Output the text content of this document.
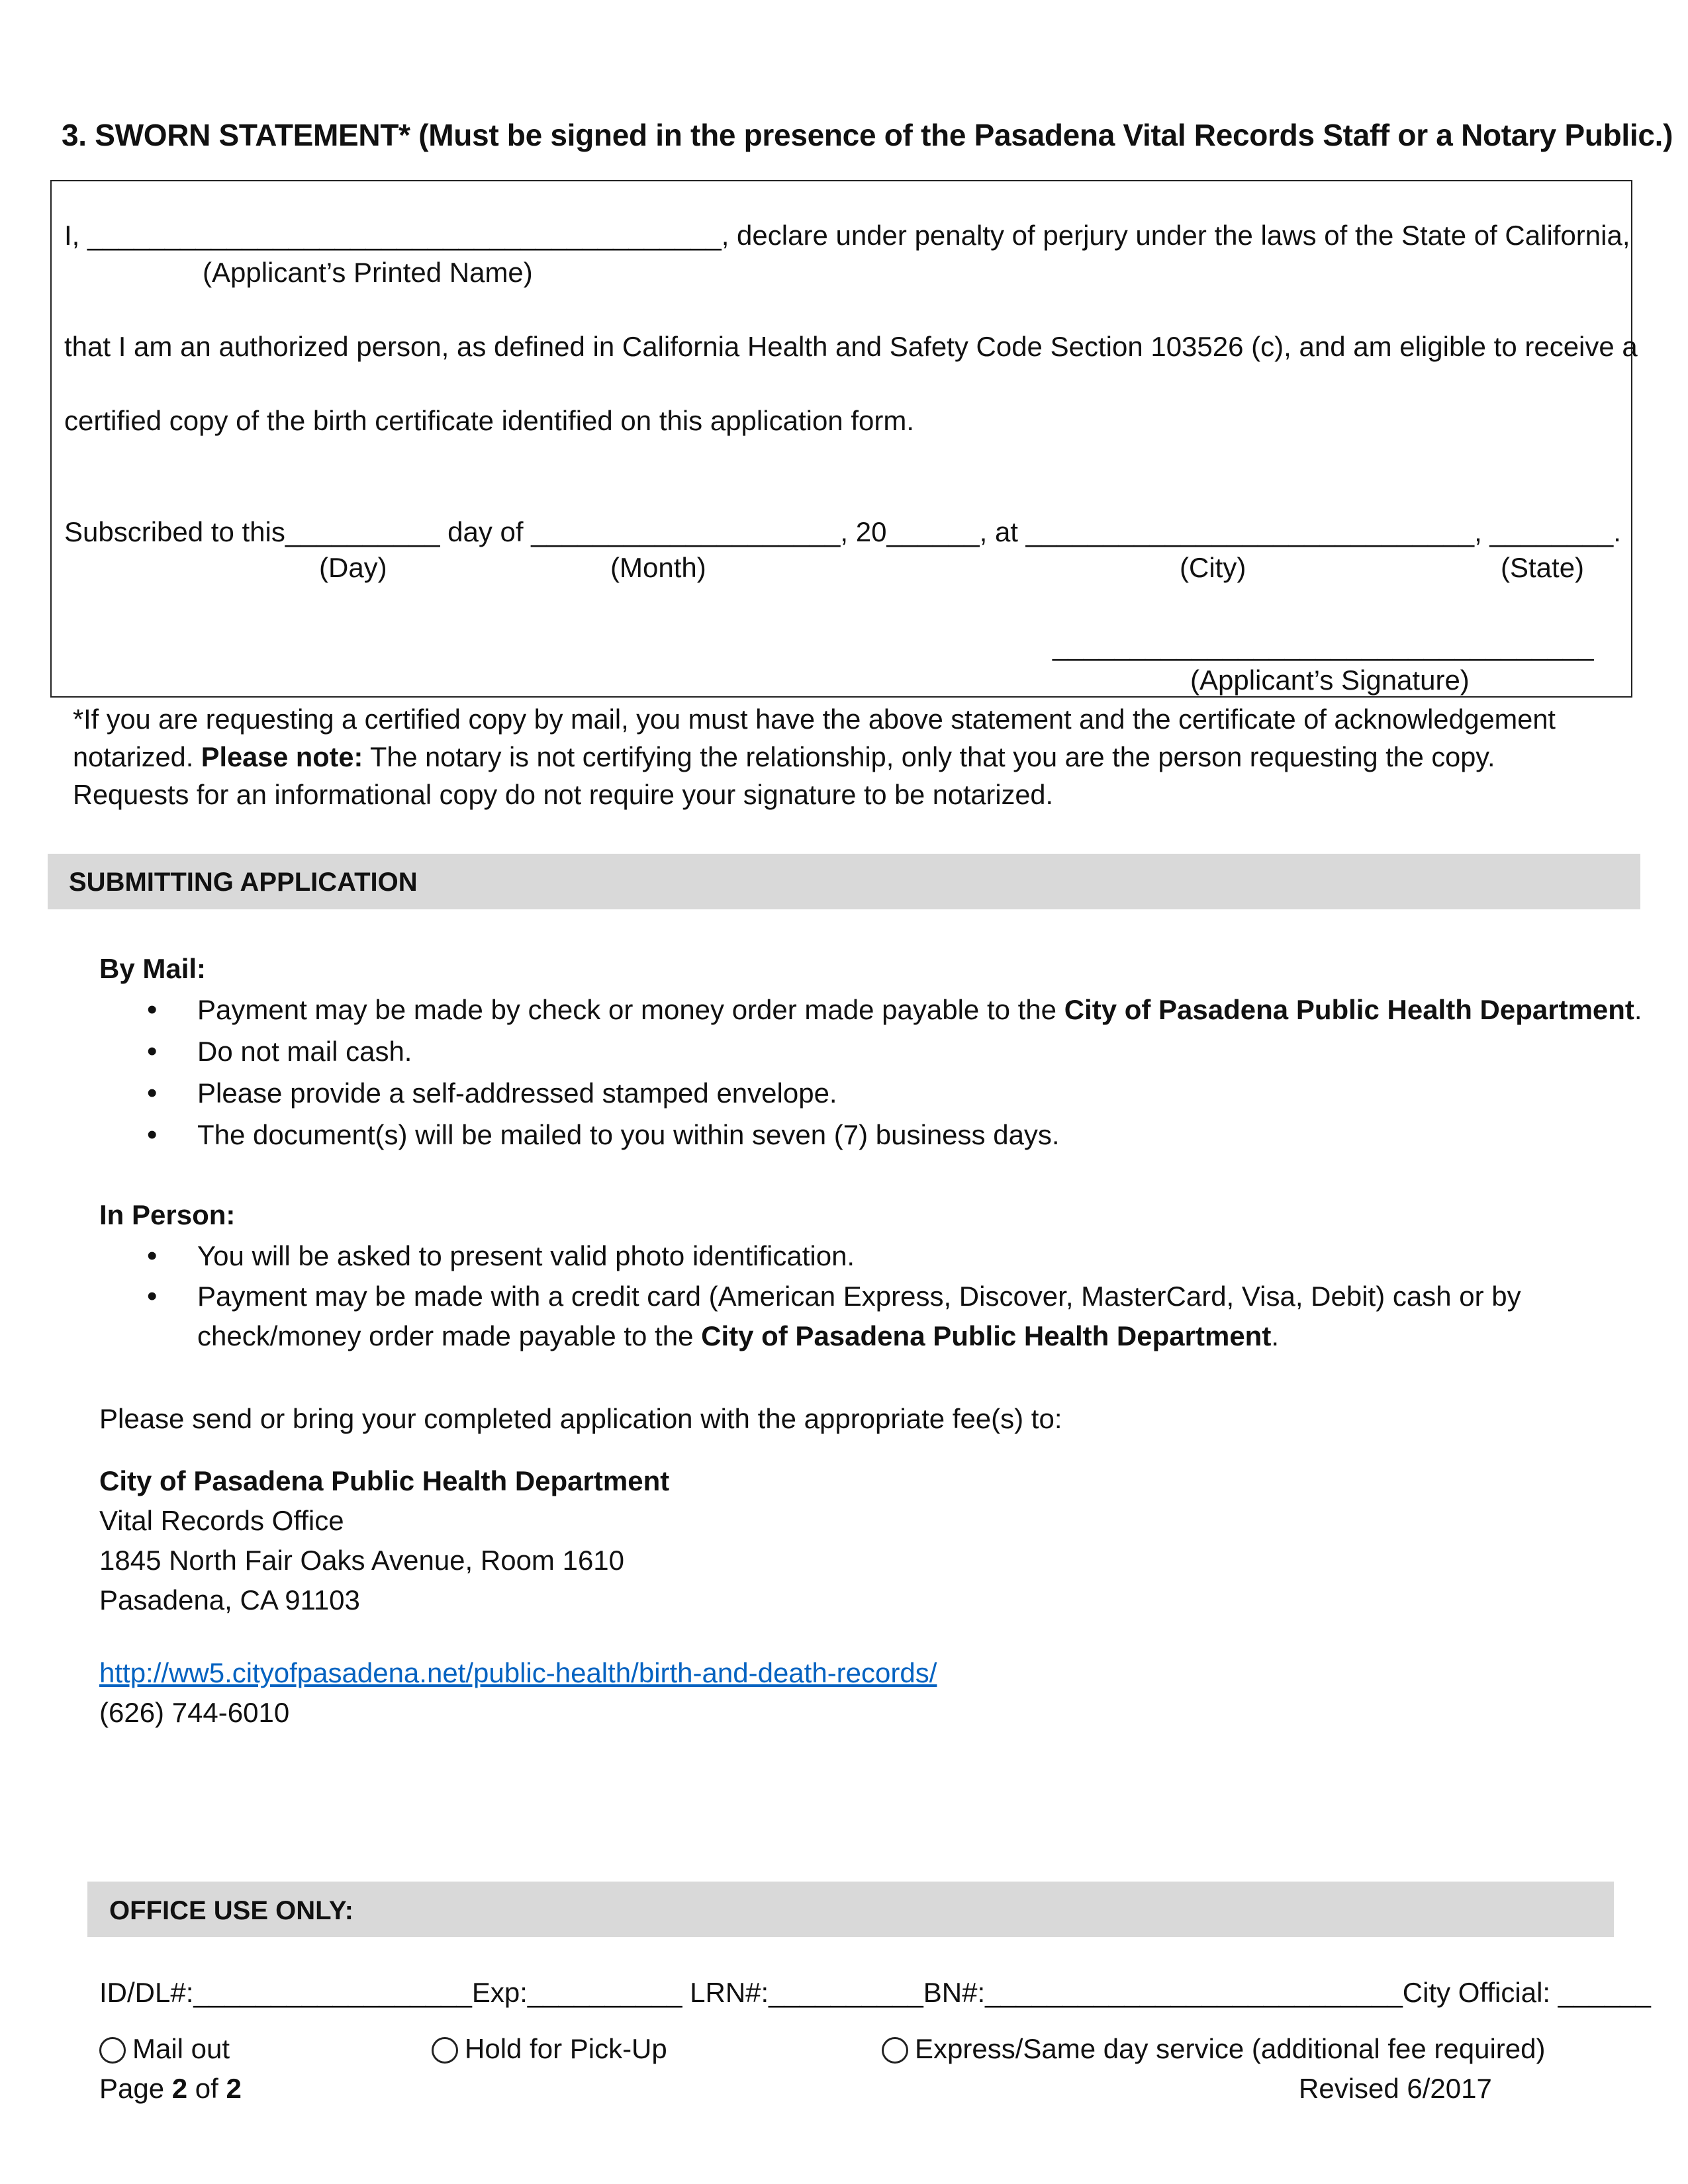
3. SWORN STATEMENT* (Must be signed in the presence of the Pasadena Vital Records Staff or a Notary Public.)
I, _________________________________________, declare under penalty of perjury under the laws of the State of California,
(Applicant’s Printed Name)
that I am an authorized person, as defined in California Health and Safety Code Section 103526 (c), and am eligible to receive a
certified copy of the birth certificate identified on this application form.
Subscribed to this__________ day of ____________________, 20______, at _____________________________, ________.
(Day)	(Month)	(City)	(State)
___________________________________
(Applicant’s Signature)
*If you are requesting a certified copy by mail, you must have the above statement and the certificate of acknowledgement notarized. Please note: The notary is not certifying the relationship, only that you are the person requesting the copy. Requests for an informational copy do not require your signature to be notarized.
SUBMITTING APPLICATION
By Mail:
• Payment may be made by check or money order made payable to the City of Pasadena Public Health Department.
• Do not mail cash.
• Please provide a self-addressed stamped envelope.
• The document(s) will be mailed to you within seven (7) business days.
In Person:
• You will be asked to present valid photo identification.
• Payment may be made with a credit card (American Express, Discover, MasterCard, Visa, Debit) cash or by check/money order made payable to the City of Pasadena Public Health Department.
Please send or bring your completed application with the appropriate fee(s) to:
City of Pasadena Public Health Department
Vital Records Office
1845 North Fair Oaks Avenue, Room 1610
Pasadena, CA 91103
http://ww5.cityofpasadena.net/public-health/birth-and-death-records/
(626) 744-6010
OFFICE USE ONLY:
ID/DL#:__________________Exp:__________ LRN#:__________BN#:___________________________City Official: ______
Mail out	Hold for Pick-Up	Express/Same day service (additional fee required)
Page 2 of 2	Revised 6/2017
